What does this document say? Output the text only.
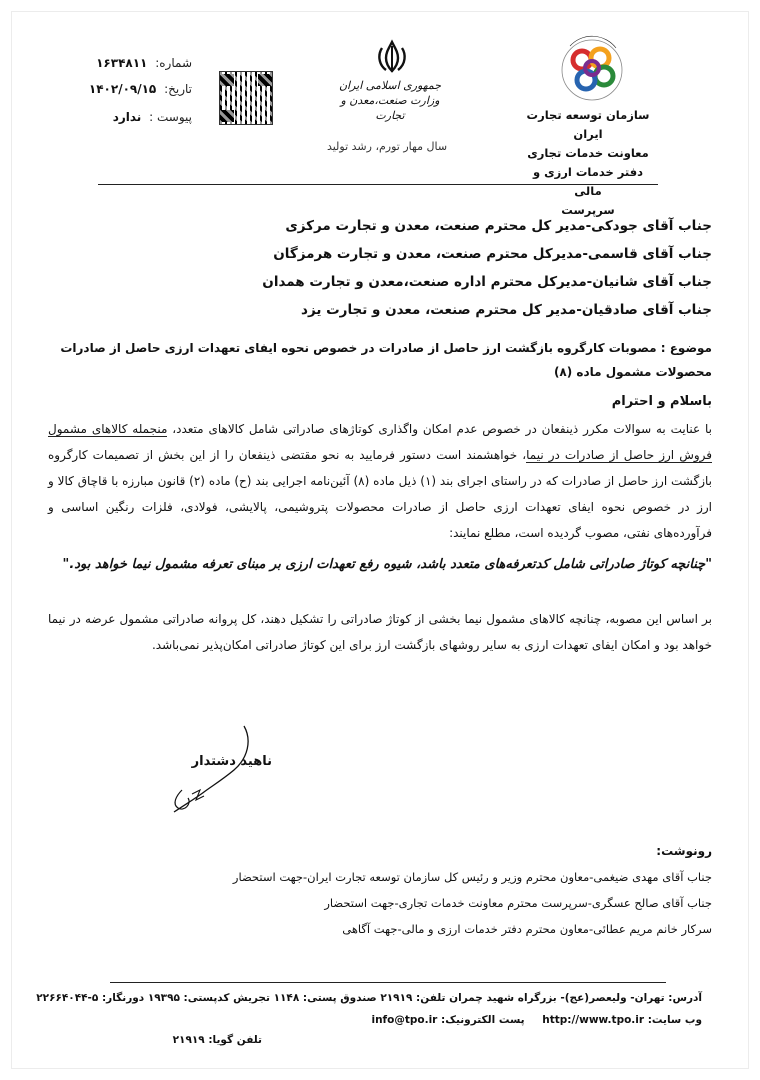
شماره: ۱۶۳۴۸۱۱
تاریخ: ۱۴۰۲/۰۹/۱۵
پیوست : ندارد
جمهوری اسلامی ایران
وزارت صنعت،معدن و تجارت
سال مهار تورم، رشد تولید
سازمان توسعه تجارت ایران
معاونت خدمات تجاری
دفتر خدمات ارزی و مالی
سرپرست
جناب آقای جودکی-مدیر کل محترم صنعت، معدن و تجارت مرکزی
جناب آقای قاسمی-مدیرکل محترم صنعت، معدن و تجارت هرمزگان
جناب آقای شانیان-مدیرکل محترم اداره صنعت،معدن و تجارت همدان
جناب آقای صادقیان-مدیر کل محترم صنعت، معدن و تجارت یزد
موضوع : مصوبات کارگروه بازگشت ارز حاصل از صادرات در خصوص نحوه ایفای تعهدات ارزی حاصل از صادرات محصولات مشمول ماده (۸)
باسلام و احترام
با عنایت به سوالات مکرر ذینفعان در خصوص عدم امکان واگذاری کوتاژهای صادراتی شامل کالاهای متعدد، منجمله کالاهای مشمول فروش ارز حاصل از صادرات در نیما، خواهشمند است دستور فرمایید به نحو مقتضی ذینفعان را از این بخش از تصمیمات کارگروه بازگشت ارز حاصل از صادرات که در راستای اجرای بند (۱) ذیل ماده (۸) آئین‌نامه اجرایی بند (ح) ماده (۲) قانون مبارزه با قاچاق کالا و ارز در خصوص نحوه ایفای تعهدات ارزی حاصل از صادرات محصولات پتروشیمی، پالایشی، فولادی، فلزات رنگین اساسی و فرآورده‌های نفتی، مصوب گردیده است، مطلع نمایند:
"چنانچه کوتاژ صادراتی شامل کدتعرفه‌های متعدد باشد، شیوه رفع تعهدات ارزی بر مبنای تعرفه مشمول نیما خواهد بود."
بر اساس این مصوبه، چنانچه کالاهای مشمول نیما بخشی از کوتاژ صادراتی را تشکیل دهند، کل پروانه صادراتی مشمول عرضه در نیما خواهد بود و امکان ایفای تعهدات ارزی به سایر روشهای بازگشت ارز برای این کوتاژ صادراتی امکان‌پذیر نمی‌باشد.
ناهید دشتدار
رونوشت:
جناب آقای مهدی ضیغمی-معاون محترم وزیر و رئیس کل سازمان توسعه تجارت ایران-جهت استحضار
جناب آقای صالح عسگری-سرپرست محترم معاونت خدمات تجاری-جهت استحضار
سرکار خانم مریم عطائی-معاون محترم دفتر خدمات ارزی و مالی-جهت آگاهی
آدرس: تهران- ولیعصر(عج)- بزرگراه شهید چمران تلفن: ۲۱۹۱۹ صندوق پستی: ۱۱۴۸ تجریش کدپستی: ۱۹۳۹۵ دورنگار: ۵-۲۲۶۶۴۰۴۴
وب سایت: http://www.tpo.ir پست الکترونیک: info@tpo.ir
تلفن گویا: ۲۱۹۱۹
